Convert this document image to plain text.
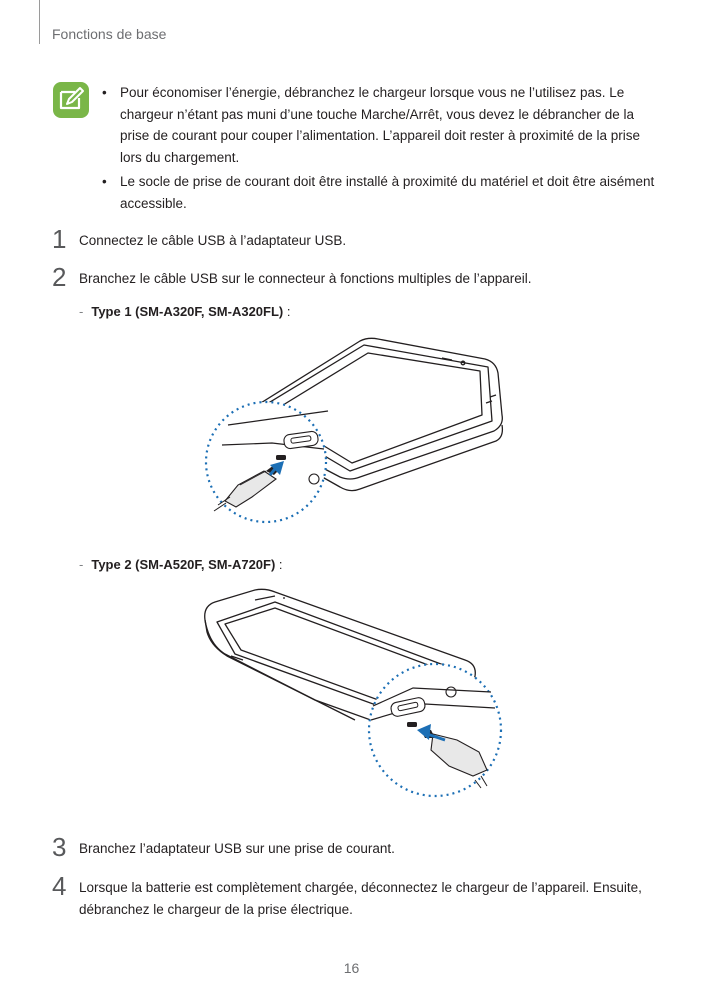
Fonctions de base
• Pour économiser l’énergie, débranchez le chargeur lorsque vous ne l’utilisez pas. Le chargeur n’étant pas muni d’une touche Marche/Arrêt, vous devez le débrancher de la prise de courant pour couper l’alimentation. L’appareil doit rester à proximité de la prise lors du chargement.
• Le socle de prise de courant doit être installé à proximité du matériel et doit être aisément accessible.
1 Connectez le câble USB à l’adaptateur USB.
2 Branchez le câble USB sur le connecteur à fonctions multiples de l’appareil.
- Type 1 (SM-A320F, SM-A320FL) :
- Type 2 (SM-A520F, SM-A720F) :
3 Branchez l’adaptateur USB sur une prise de courant.
4 Lorsque la batterie est complètement chargée, déconnectez le chargeur de l’appareil. Ensuite, débranchez le chargeur de la prise électrique.
16
